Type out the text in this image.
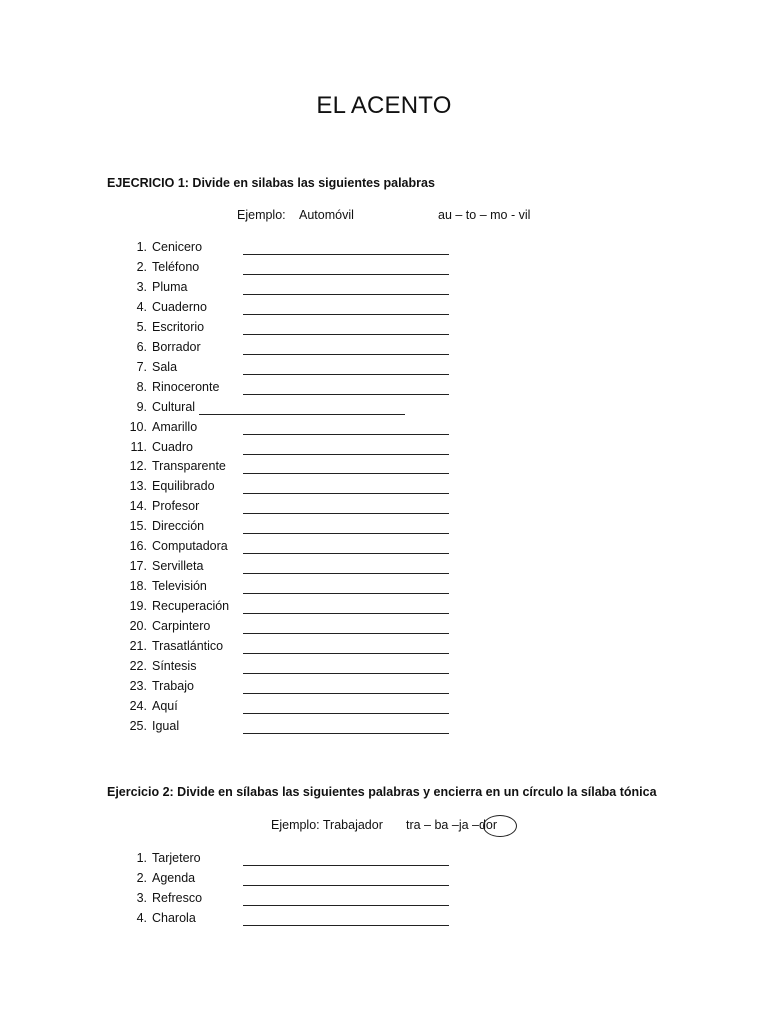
EL ACENTO
EJECRICIO 1: Divide en silabas las siguientes palabras
Ejemplo: Automóvil	au – to – mo - vil
1. Cenicero
2. Teléfono
3. Pluma
4. Cuaderno
5. Escritorio
6. Borrador
7. Sala
8. Rinoceronte
9. Cultural
10. Amarillo
11. Cuadro
12. Transparente
13. Equilibrado
14. Profesor
15. Dirección
16. Computadora
17. Servilleta
18. Televisión
19. Recuperación
20. Carpintero
21. Trasatlántico
22. Síntesis
23. Trabajo
24. Aquí
25. Igual
Ejercicio 2: Divide en sílabas las siguientes palabras y encierra en un círculo la sílaba tónica
Ejemplo: Trabajador tra – ba –ja –dor
1. Tarjetero
2. Agenda
3. Refresco
4. Charola
